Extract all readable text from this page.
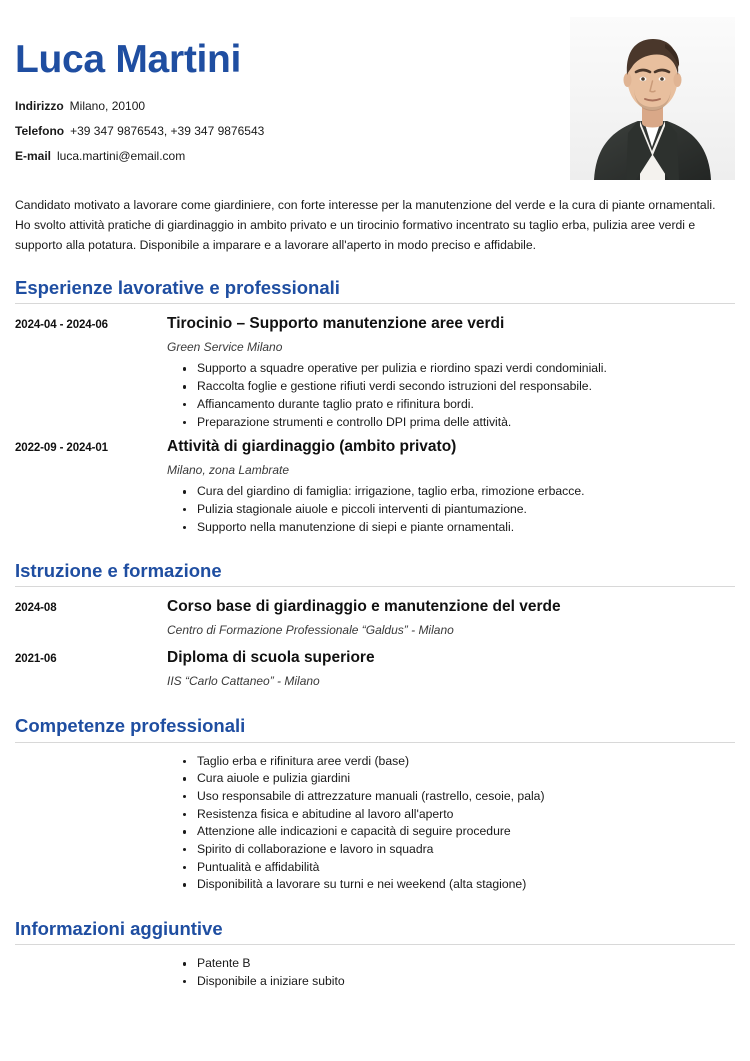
Luca Martini
Indirizzo Milano, 20100
Telefono +39 347 9876543, +39 347 9876543
E-mail luca.martini@email.com

Candidato motivato a lavorare come giardiniere, con forte interesse per la manutenzione del verde e la cura di piante ornamentali. Ho svolto attività pratiche di giardinaggio in ambito privato e un tirocinio formativo incentrato su taglio erba, pulizia aree verdi e supporto alla potatura. Disponibile a imparare e a lavorare all'aperto in modo preciso e affidabile.

Esperienze lavorative e professionali
2024-04 - 2024-06	Tirocinio – Supporto manutenzione aree verdi
Green Service Milano
Supporto a squadre operative per pulizia e riordino spazi verdi condominiali.
Raccolta foglie e gestione rifiuti verdi secondo istruzioni del responsabile.
Affiancamento durante taglio prato e rifinitura bordi.
Preparazione strumenti e controllo DPI prima delle attività.
2022-09 - 2024-01	Attività di giardinaggio (ambito privato)
Milano, zona Lambrate
Cura del giardino di famiglia: irrigazione, taglio erba, rimozione erbacce.
Pulizia stagionale aiuole e piccoli interventi di piantumazione.
Supporto nella manutenzione di siepi e piante ornamentali.
Istruzione e formazione
2024-08	Corso base di giardinaggio e manutenzione del verde
Centro di Formazione Professionale “Galdus” - Milano
2021-06	Diploma di scuola superiore
IIS “Carlo Cattaneo” - Milano
Competenze professionali
Taglio erba e rifinitura aree verdi (base)
Cura aiuole e pulizia giardini
Uso responsabile di attrezzature manuali (rastrello, cesoie, pala)
Resistenza fisica e abitudine al lavoro all'aperto
Attenzione alle indicazioni e capacità di seguire procedure
Spirito di collaborazione e lavoro in squadra
Puntualità e affidabilità
Disponibilità a lavorare su turni e nei weekend (alta stagione)
Informazioni aggiuntive
Patente B
Disponibile a iniziare subito
